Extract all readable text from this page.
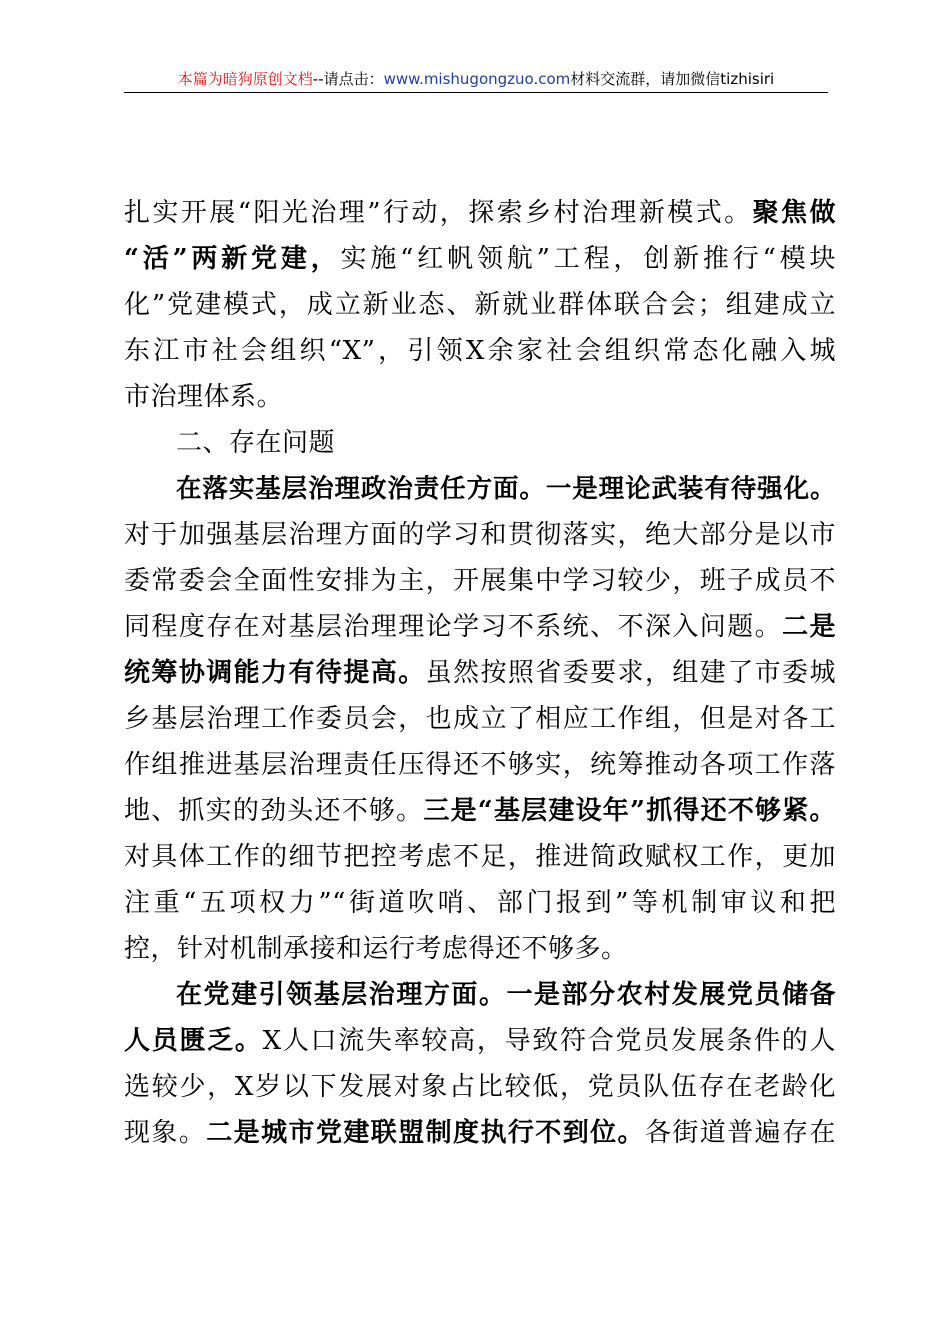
本篇为暗狗原创文档--请点击：www.mishugongzuo.com材料交流群，请加微信tizhisiri
扎实开展“阳光治理”行动，探索乡村治理新模式。聚焦做
“活”两新党建，实施“红帆领航”工程，创新推行“模块
化”党建模式，成立新业态、新就业群体联合会；组建成立
东江市社会组织“X”，引领X余家社会组织常态化融入城
市治理体系。
二、存在问题
在落实基层治理政治责任方面。一是理论武装有待强化。
对于加强基层治理方面的学习和贯彻落实，绝大部分是以市
委常委会全面性安排为主，开展集中学习较少，班子成员不
同程度存在对基层治理理论学习不系统、不深入问题。二是
统筹协调能力有待提高。虽然按照省委要求，组建了市委城
乡基层治理工作委员会，也成立了相应工作组，但是对各工
作组推进基层治理责任压得还不够实，统筹推动各项工作落
地、抓实的劲头还不够。三是“基层建设年”抓得还不够紧。
对具体工作的细节把控考虑不足，推进简政赋权工作，更加
注重“五项权力”“街道吹哨、部门报到”等机制审议和把
控，针对机制承接和运行考虑得还不够多。
在党建引领基层治理方面。一是部分农村发展党员储备
人员匮乏。X人口流失率较高，导致符合党员发展条件的人
选较少，X岁以下发展对象占比较低，党员队伍存在老龄化
现象。二是城市党建联盟制度执行不到位。各街道普遍存在
